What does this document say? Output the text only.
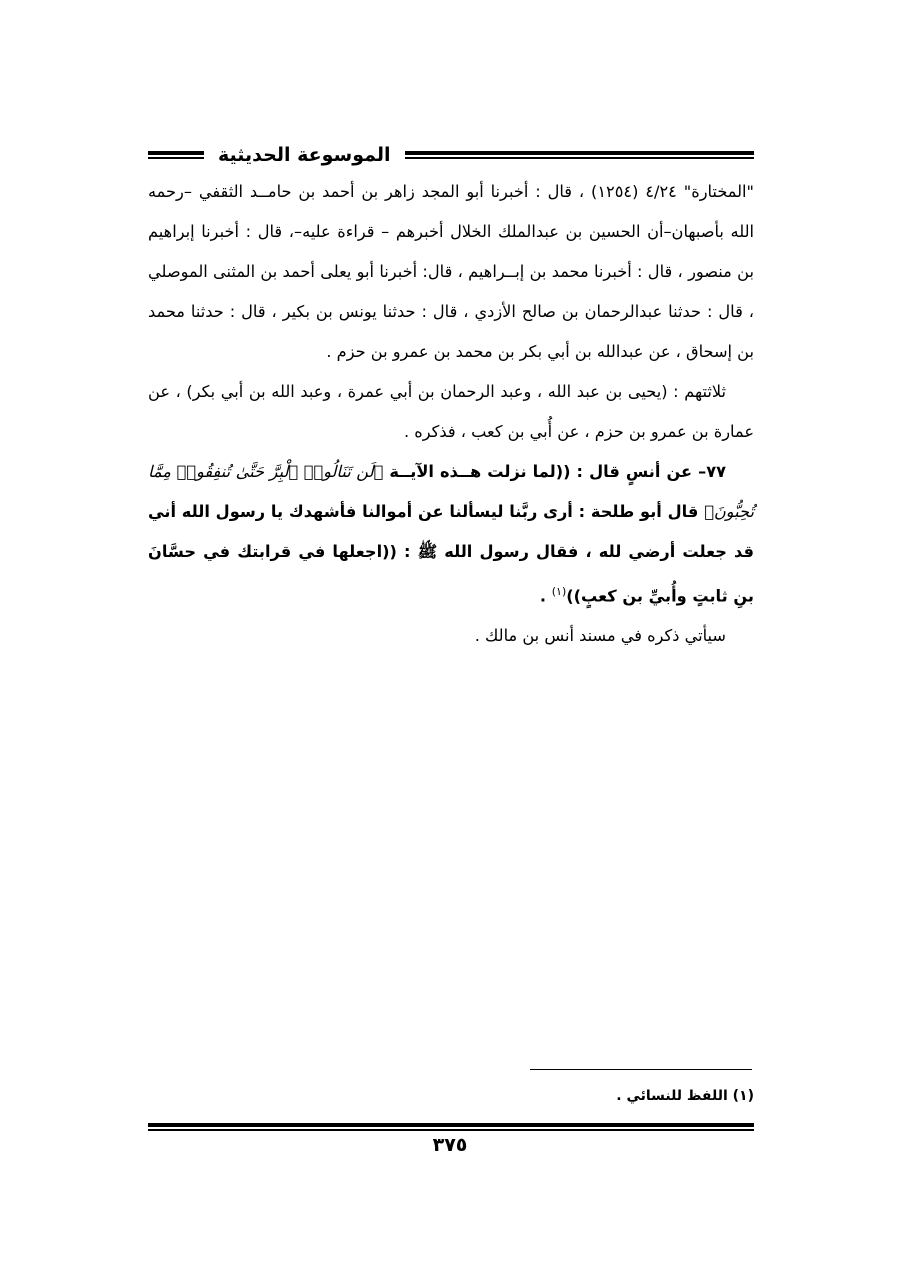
الموسوعة الحديثية

"المختارة" ٤/٢٤ (١٢٥٤) ، قال : أخبرنا أبو المجد زاهر بن أحمد بن حامــد الثقفي –رحمه الله بأصبهان–أن الحسين بن عبدالملك الخلال أخبرهم – قراءة عليه–، قال : أخبرنا إبراهيم بن منصور ، قال : أخبرنا محمد بن إبــراهيم ، قال: أخبرنا أبو يعلى أحمد بن المثنى الموصلي ، قال : حدثنا عبدالرحمان بن صالح الأزدي ، قال : حدثنا يونس بن بكير ، قال : حدثنا محمد بن إسحاق ، عن عبدالله بن أبي بكر بن محمد بن عمرو بن حزم .

ثلاثتهم : (يحيى بن عبد الله ، وعبد الرحمان بن أبي عمرة ، وعبد الله بن أبي بكر) ، عن عمارة بن عمرو بن حزم ، عن أُبي بن كعب ، فذكره .

٧٧– عن أنسٍ قال : ((لما نزلت هــذه الآيــة ﴿لَن تَنَالُوا۟ ٱلْبِرَّ حَتَّىٰ تُنفِقُوا۟ مِمَّا تُحِبُّونَ﴾ قال أبو طلحة : أرى ربَّنا ليسألنا عن أموالنا فأشهدك يا رسول الله أني قد جعلت أرضي لله ، فقال رسول الله ﷺ : ((اجعلها في قرابتك في حسَّانَ بنِ ثابتٍ وأُبيِّ بن كعبٍ))$^{(١)}$ .

سيأتي ذكره في مسند أنس بن مالك .

(١) اللفظ للنسائي .
٣٧٥
